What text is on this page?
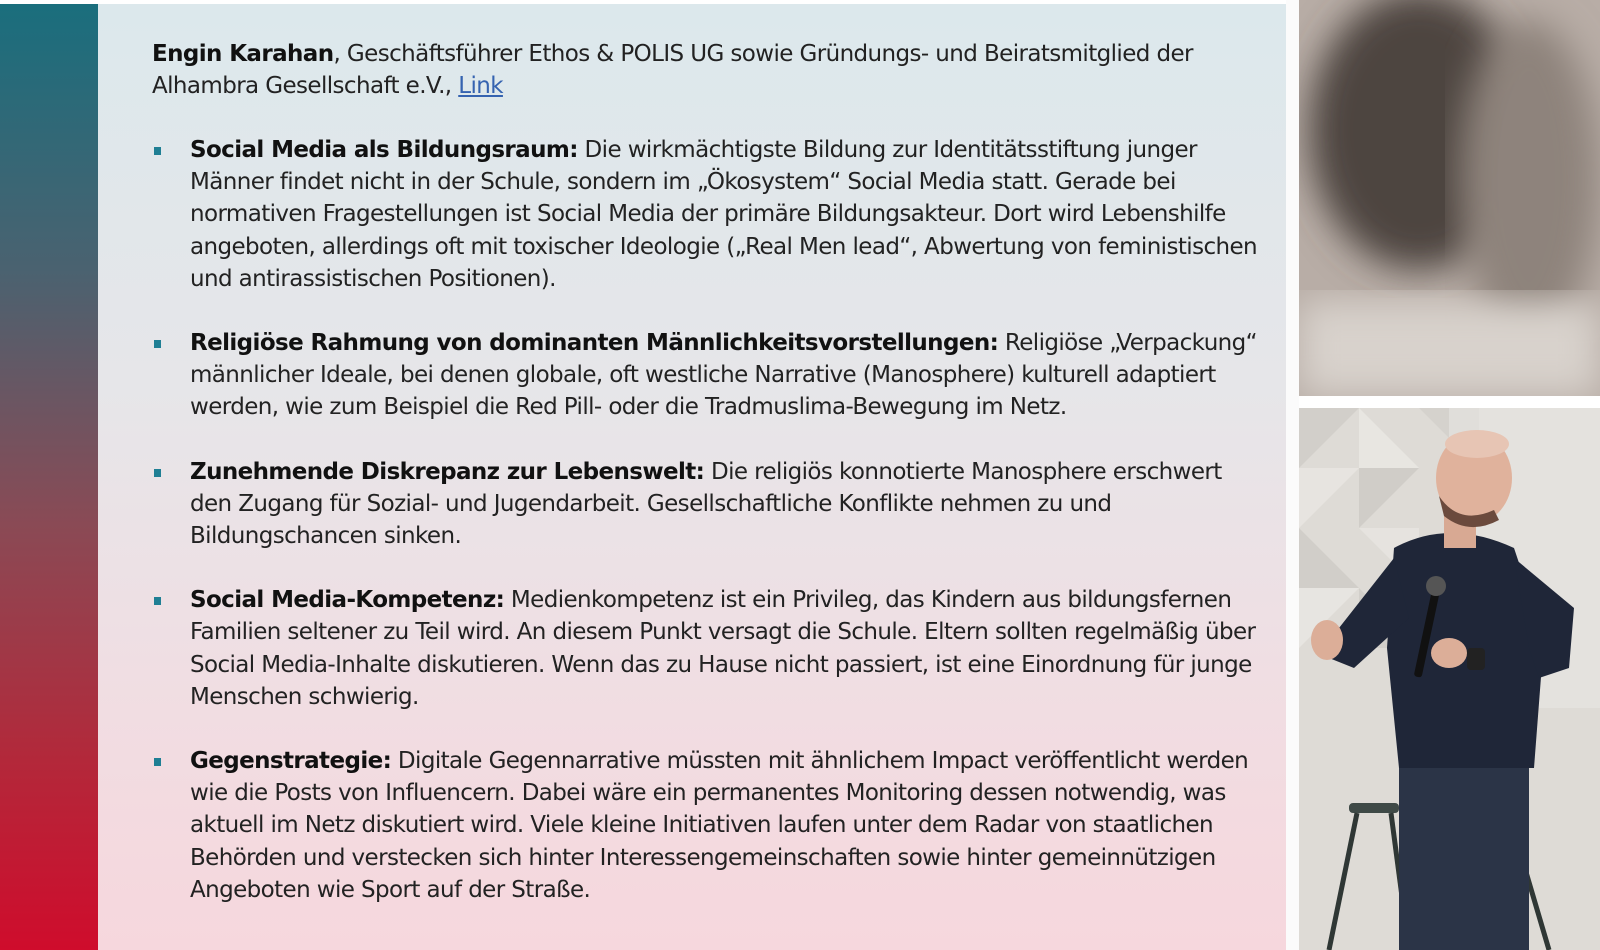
Engin Karahan, Geschäftsführer Ethos & POLIS UG sowie Gründungs- und Beiratsmitglied der Alhambra Gesellschaft e.V., Link
Social Media als Bildungsraum: Die wirkmächtigste Bildung zur Identitätsstiftung junger Männer findet nicht in der Schule, sondern im „Ökosystem“ Social Media statt. Gerade bei normativen Fragestellungen ist Social Media der primäre Bildungsakteur. Dort wird Lebenshilfe angeboten, allerdings oft mit toxischer Ideologie („Real Men lead“, Abwertung von feministischen und antirassistischen Positionen).
Religiöse Rahmung von dominanten Männlichkeitsvorstellungen: Religiöse „Verpackung“ männlicher Ideale, bei denen globale, oft westliche Narrative (Manosphere) kulturell adaptiert werden, wie zum Beispiel die Red Pill- oder die Tradmuslima-Bewegung im Netz.
Zunehmende Diskrepanz zur Lebenswelt: Die religiös konnotierte Manosphere erschwert den Zugang für Sozial- und Jugendarbeit. Gesellschaftliche Konflikte nehmen zu und Bildungschancen sinken.
Social Media-Kompetenz: Medienkompetenz ist ein Privileg, das Kindern aus bildungsfernen Familien seltener zu Teil wird. An diesem Punkt versagt die Schule. Eltern sollten regelmäßig über Social Media-Inhalte diskutieren. Wenn das zu Hause nicht passiert, ist eine Einordnung für junge Menschen schwierig.
Gegenstrategie: Digitale Gegennarrative müssten mit ähnlichem Impact veröffentlicht werden wie die Posts von Influencern. Dabei wäre ein permanentes Monitoring dessen notwendig, was aktuell im Netz diskutiert wird. Viele kleine Initiativen laufen unter dem Radar von staatlichen Behörden und verstecken sich hinter Interessengemeinschaften sowie hinter gemeinnützigen Angeboten wie Sport auf der Straße.
